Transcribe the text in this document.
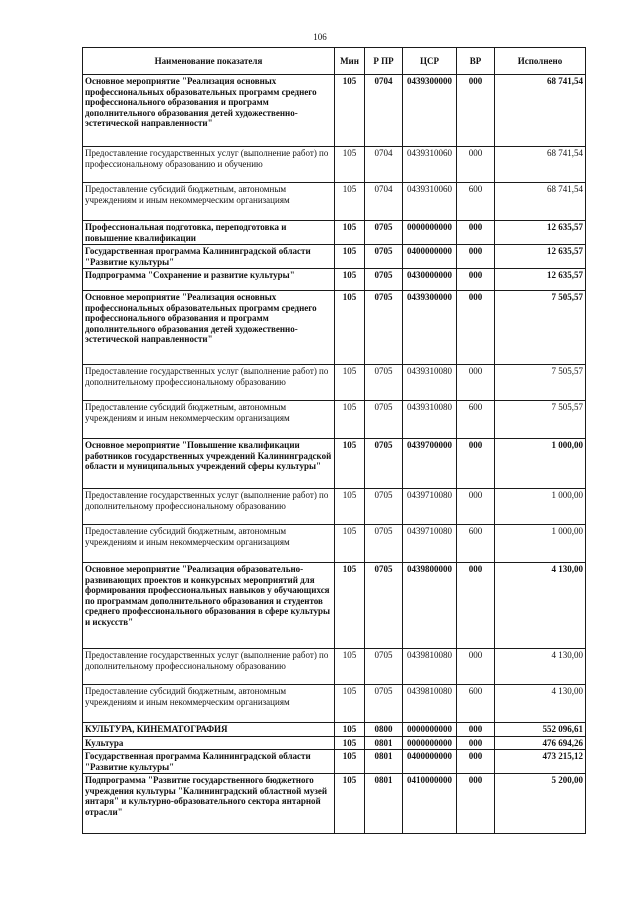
106
Наименование показателя	Мин	Р ПР	ЦСР	ВР	Исполнено
Основное мероприятие "Реализация основных профессиональных образовательных программ среднего профессионального образования и программ дополнительного образования детей художественно-эстетической направленности"	105	0704	0439300000	000	68 741,54
Предоставление государственных услуг (выполнение работ) по профессиональному образованию и обучению	105	0704	0439310060	000	68 741,54
Предоставление субсидий бюджетным, автономным учреждениям и иным некоммерческим организациям	105	0704	0439310060	600	68 741,54
Профессиональная подготовка, переподготовка и повышение квалификации	105	0705	0000000000	000	12 635,57
Государственная программа Калининградской области "Развитие культуры"	105	0705	0400000000	000	12 635,57
Подпрограмма "Сохранение и развитие культуры"	105	0705	0430000000	000	12 635,57
Основное мероприятие "Реализация основных профессиональных образовательных программ среднего профессионального образования и программ дополнительного образования детей художественно-эстетической направленности"	105	0705	0439300000	000	7 505,57
Предоставление государственных услуг (выполнение работ) по дополнительному профессиональному образованию	105	0705	0439310080	000	7 505,57
Предоставление субсидий бюджетным, автономным учреждениям и иным некоммерческим организациям	105	0705	0439310080	600	7 505,57
Основное мероприятие "Повышение квалификации работников государственных учреждений Калининградской области и муниципальных учреждений сферы культуры"	105	0705	0439700000	000	1 000,00
Предоставление государственных услуг (выполнение работ) по дополнительному профессиональному образованию	105	0705	0439710080	000	1 000,00
Предоставление субсидий бюджетным, автономным учреждениям и иным некоммерческим организациям	105	0705	0439710080	600	1 000,00
Основное мероприятие "Реализация образовательно-развивающих проектов и конкурсных мероприятий для формирования профессиональных навыков у обучающихся по программам дополнительного образования и студентов среднего профессионального образования в сфере культуры и искусств"	105	0705	0439800000	000	4 130,00
Предоставление государственных услуг (выполнение работ) по дополнительному профессиональному образованию	105	0705	0439810080	000	4 130,00
Предоставление субсидий бюджетным, автономным учреждениям и иным некоммерческим организациям	105	0705	0439810080	600	4 130,00
КУЛЬТУРА, КИНЕМАТОГРАФИЯ	105	0800	0000000000	000	552 096,61
Культура	105	0801	0000000000	000	476 694,26
Государственная программа Калининградской области "Развитие культуры"	105	0801	0400000000	000	473 215,12
Подпрограмма "Развитие государственного бюджетного учреждения культуры "Калининградский областной музей янтаря" и культурно-образовательного сектора янтарной отрасли"	105	0801	0410000000	000	5 200,00
